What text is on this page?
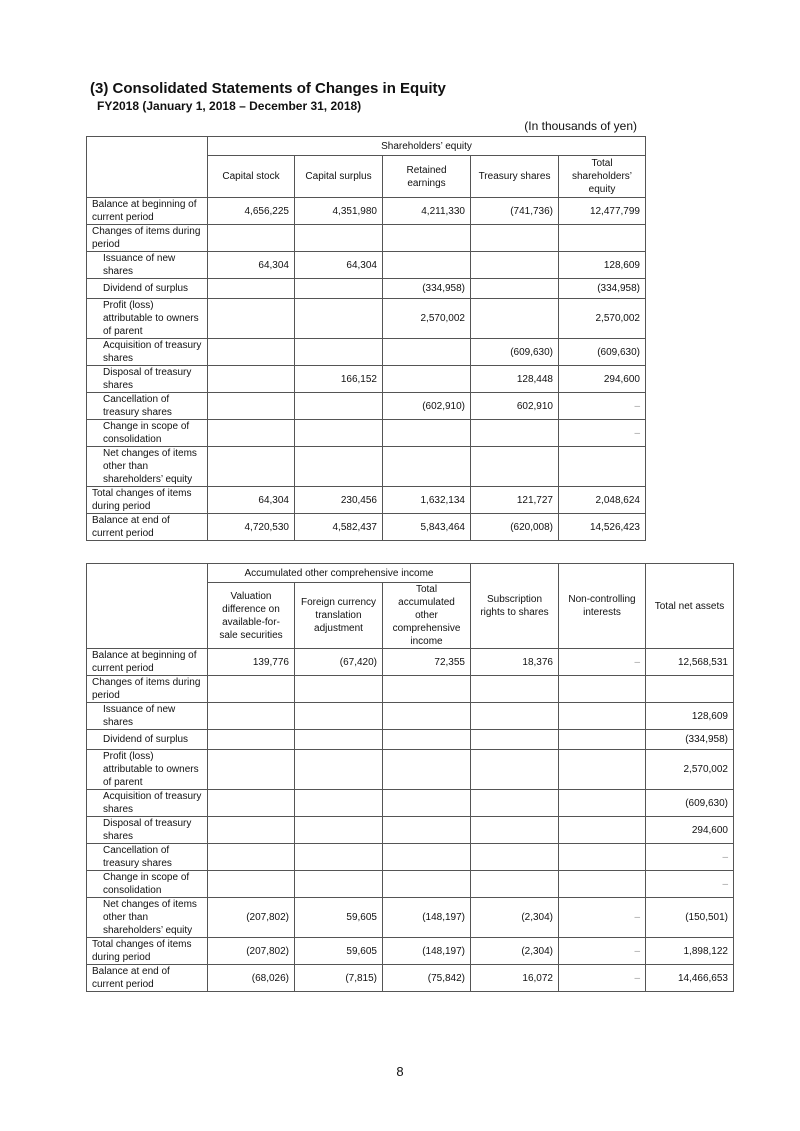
(3) Consolidated Statements of Changes in Equity
FY2018 (January 1, 2018 – December 31, 2018)
(In thousands of yen)
	Shareholders’ equity				
	Capital stock	Capital surplus	Retained earnings	Treasury shares	Total shareholders’ equity
Balance at beginning of current period	4,656,225	4,351,980	4,211,330	(741,736)	12,477,799
Changes of items during period					
Issuance of new shares	64,304	64,304			128,609
Dividend of surplus			(334,958)		(334,958)
Profit (loss) attributable to owners of parent			2,570,002		2,570,002
Acquisition of treasury shares				(609,630)	(609,630)
Disposal of treasury shares		166,152		128,448	294,600
Cancellation of treasury shares			(602,910)	602,910	–
Change in scope of consolidation					–
Net changes of items other than shareholders’ equity					
Total changes of items during period	64,304	230,456	1,632,134	121,727	2,048,624
Balance at end of current period	4,720,530	4,582,437	5,843,464	(620,008)	14,526,423
	Accumulated other comprehensive income			Subscription rights to shares	Non-controlling interests	Total net assets
	Valuation difference on available-for-sale securities	Foreign currency translation adjustment	Total accumulated other comprehensive income			
Balance at beginning of current period	139,776	(67,420)	72,355	18,376	–	12,568,531
Changes of items during period						
Issuance of new shares						128,609
Dividend of surplus						(334,958)
Profit (loss) attributable to owners of parent						2,570,002
Acquisition of treasury shares						(609,630)
Disposal of treasury shares						294,600
Cancellation of treasury shares						–
Change in scope of consolidation						–
Net changes of items other than shareholders’ equity	(207,802)	59,605	(148,197)	(2,304)	–	(150,501)
Total changes of items during period	(207,802)	59,605	(148,197)	(2,304)	–	1,898,122
Balance at end of current period	(68,026)	(7,815)	(75,842)	16,072	–	14,466,653
8
